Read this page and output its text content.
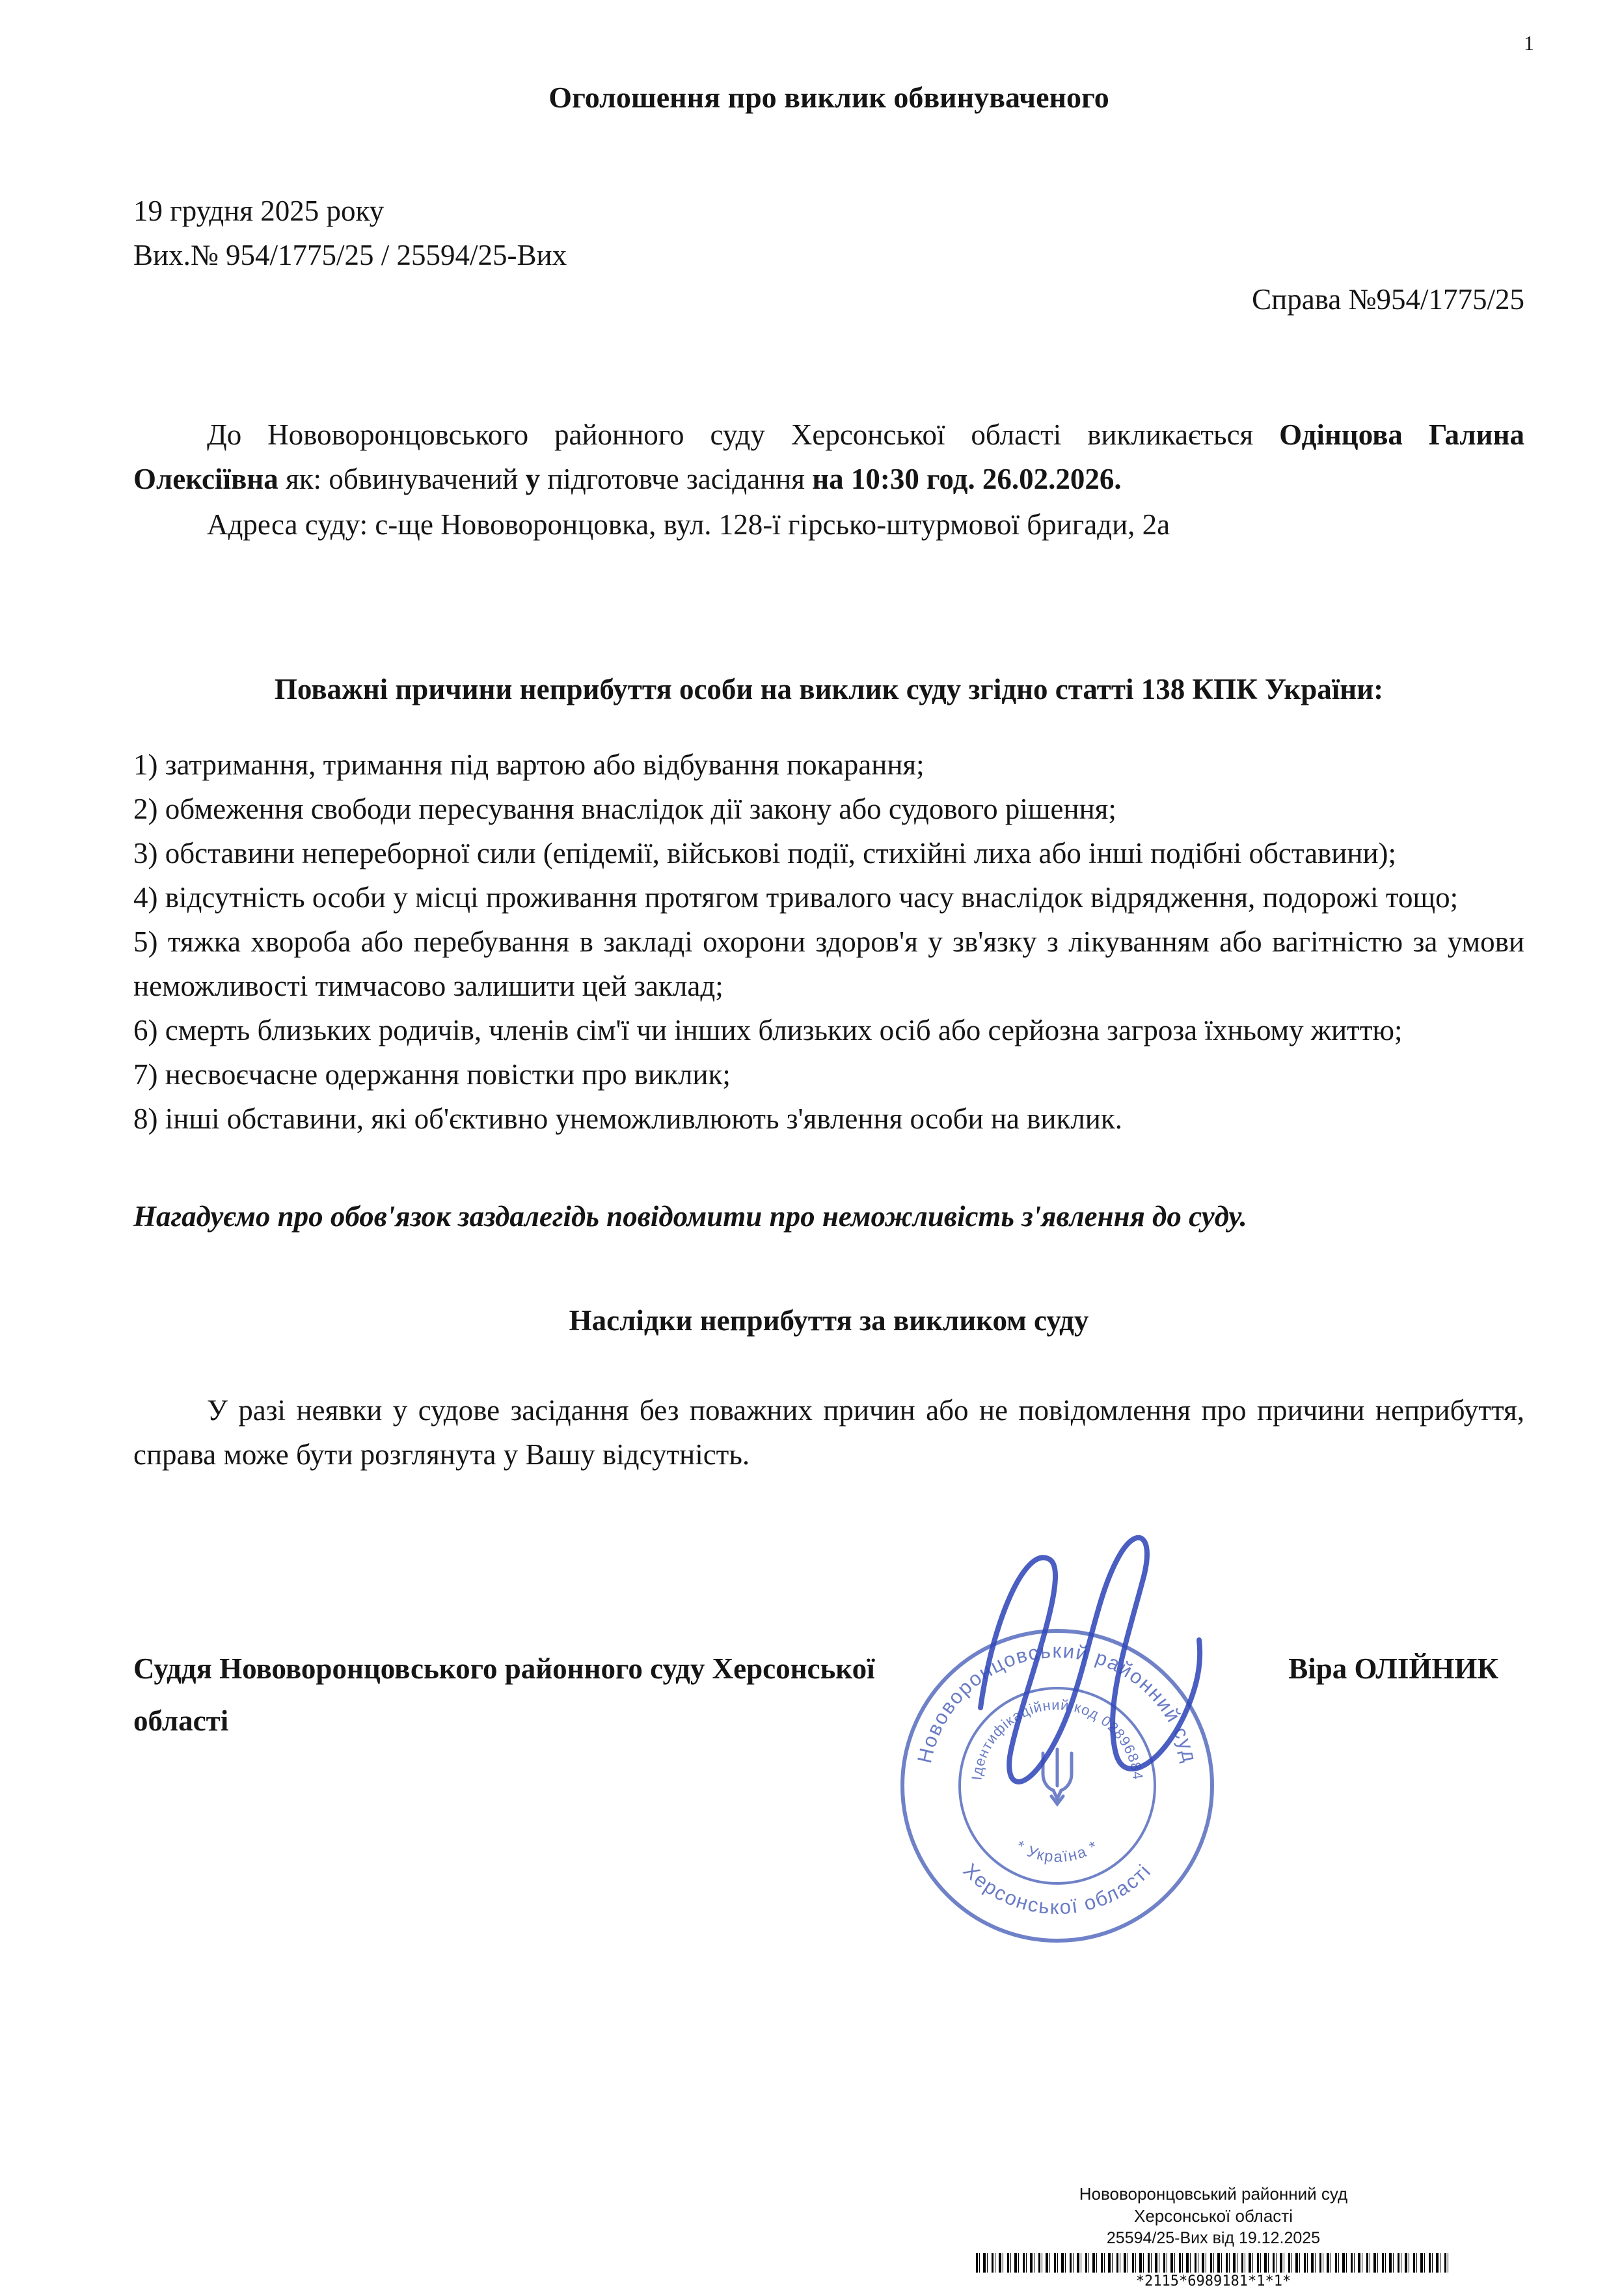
1
Оголошення про виклик обвинуваченого
19 грудня 2025 року
Вих.№ 954/1775/25 / 25594/25-Вих
Справа №954/1775/25

До Нововоронцовського районного суду Херсонської області викликається Одінцова Галина Олексіївна як: обвинувачений у підготовче засідання на 10:30 год. 26.02.2026.

Адреса суду: с-ще Нововоронцовка, вул. 128-ї гірсько-штурмової бригади, 2а

Поважні причини неприбуття особи на виклик суду згідно статті 138 КПК України:
1) затримання, тримання під вартою або відбування покарання;
2) обмеження свободи пересування внаслідок дії закону або судового рішення;
3) обставини непереборної сили (епідемії, військові події, стихійні лиха або інші подібні обставини);
4) відсутність особи у місці проживання протягом тривалого часу внаслідок відрядження, подорожі тощо;
5) тяжка хвороба або перебування в закладі охорони здоров'я у зв'язку з лікуванням або вагітністю за умови неможливості тимчасово залишити цей заклад;
6) смерть близьких родичів, членів сім'ї чи інших близьких осіб або серйозна загроза їхньому життю;
7) несвоєчасне одержання повістки про виклик;
8) інші обставини, які об'єктивно унеможливлюють з'явлення особи на виклик.

Нагадуємо про обов'язок заздалегідь повідомити про неможливість з'явлення до суду.

Наслідки неприбуття за викликом суду

У разі неявки у судове засідання без поважних причин або не повідомлення про причини неприбуття, справа може бути розглянута у Вашу відсутність.

Суддя Нововоронцовського районного суду Херсонської області
Віра ОЛІЙНИК
Нововоронцовський районний суд
Херсонської області
Ідентифікаційний код 02896884
* Україна *
Нововоронцовський районний суд
Херсонської області
25594/25-Вих від 19.12.2025
*2115*6989181*1*1*
